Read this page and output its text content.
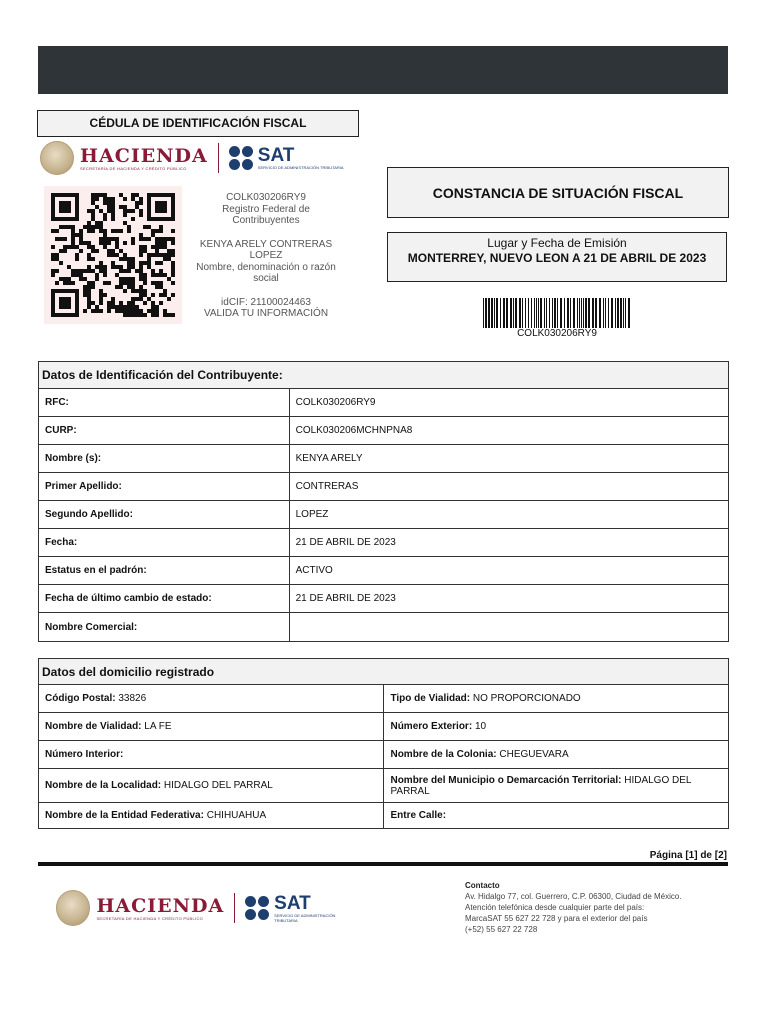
CÉDULA DE IDENTIFICACIÓN FISCAL
HACIENDA
SECRETARÍA DE HACIENDA Y CRÉDITO PÚBLICO
SAT
SERVICIO DE ADMINISTRACIÓN TRIBUTARIA
COLK030206RY9
Registro Federal de Contribuyentes
KENYA ARELY CONTRERAS LOPEZ
Nombre, denominación o razón social
idCIF: 21100024463
VALIDA TU INFORMACIÓN
CONSTANCIA DE SITUACIÓN FISCAL
Lugar y Fecha de Emisión
MONTERREY, NUEVO LEON A 21 DE ABRIL DE 2023
COLK030206RY9
Datos de Identificación del Contribuyente:	
RFC:	COLK030206RY9
CURP:	COLK030206MCHNPNA8
Nombre (s):	KENYA ARELY
Primer Apellido:	CONTRERAS
Segundo Apellido:	LOPEZ
Fecha:	21 DE ABRIL DE 2023
Estatus en el padrón:	ACTIVO
Fecha de último cambio de estado:	21 DE ABRIL DE 2023
Nombre Comercial:	
Datos del domicilio registrado	
Código Postal: 33826	Tipo de Vialidad: NO PROPORCIONADO
Nombre de Vialidad: LA FE	Número Exterior: 10
Número Interior:	Nombre de la Colonia: CHEGUEVARA
Nombre de la Localidad: HIDALGO DEL PARRAL	Nombre del Municipio o Demarcación Territorial: HIDALGO DEL PARRAL
Nombre de la Entidad Federativa: CHIHUAHUA	Entre Calle:
Página [1] de [2]
HACIENDA
SECRETARÍA DE HACIENDA Y CRÉDITO PÚBLICO
SAT
SERVICIO DE ADMINISTRACIÓN TRIBUTARIA
Contacto
Av. Hidalgo 77, col. Guerrero, C.P. 06300, Ciudad de México.
Atención telefónica desde cualquier parte del país:
MarcaSAT 55 627 22 728 y para el exterior del país
(+52) 55 627 22 728
